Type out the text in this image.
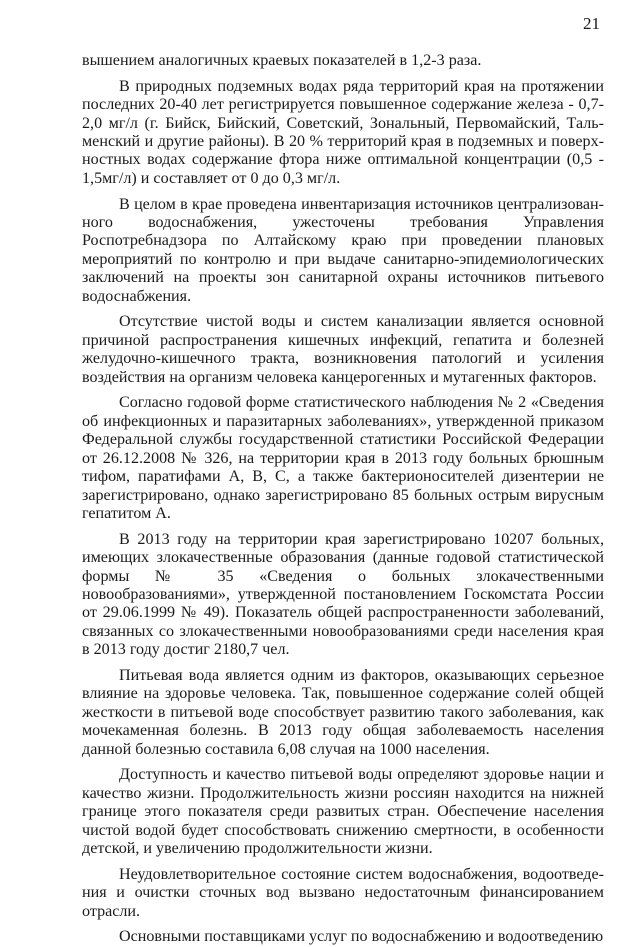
21

вышением аналогичных краевых показателей в 1,2-3 раза.

В природных подземных водах ряда территорий края на протяжении последних 20-40 лет регистрируется повышенное содержание железа - 0,7-2,0 мг/л (г. Бийск, Бийский, Советский, Зональный, Первомайский, Тальменский и другие районы). В 20 % территорий края в подземных и поверхностных водах содержание фтора ниже оптимальной концентрации (0,5 - 1,5мг/л) и составляет от 0 до 0,3 мг/л.

В целом в крае проведена инвентаризация источников централизованного водоснабжения, ужесточены требования Управления Роспотребнадзора по Алтайскому краю при проведении плановых мероприятий по контролю и при выдаче санитарно-эпидемиологических заключений на проекты зон санитарной охраны источников питьевого водоснабжения.

Отсутствие чистой воды и систем канализации является основной причиной распространения кишечных инфекций, гепатита и болезней желудочно-кишечного тракта, возникновения патологий и усиления воздействия на организм человека канцерогенных и мутагенных факторов.

Согласно годовой форме статистического наблюдения № 2 «Сведения об инфекционных и паразитарных заболеваниях», утвержденной приказом Федеральной службы государственной статистики Российской Федерации от 26.12.2008 № 326, на территории края в 2013 году больных брюшным тифом, паратифами А, В, С, а также бактерионосителей дизентерии не зарегистрировано, однако зарегистрировано 85 больных острым вирусным гепатитом А.

В 2013 году на территории края зарегистрировано 10207 больных, имеющих злокачественные образования (данные годовой статистической формы № 35 «Сведения о больных злокачественными новообразованиями», утвержденной постановлением Госкомстата России от 29.06.1999 № 49). Показатель общей распространенности заболеваний, связанных со злокачественными новообразованиями среди населения края в 2013 году достиг 2180,7 чел.

Питьевая вода является одним из факторов, оказывающих серьезное влияние на здоровье человека. Так, повышенное содержание солей общей жесткости в питьевой воде способствует развитию такого заболевания, как мочекаменная болезнь. В 2013 году общая заболеваемость населения данной болезнью составила 6,08 случая на 1000 населения.

Доступность и качество питьевой воды определяют здоровье нации и качество жизни. Продолжительность жизни россиян находится на нижней границе этого показателя среди развитых стран. Обеспечение населения чистой водой будет способствовать снижению смертности, в особенности детской, и увеличению продолжительности жизни.

Неудовлетворительное состояние систем водоснабжения, водоотведения и очистки сточных вод вызвано недостаточным финансированием отрасли.

Основными поставщиками услуг по водоснабжению и водоотведению
